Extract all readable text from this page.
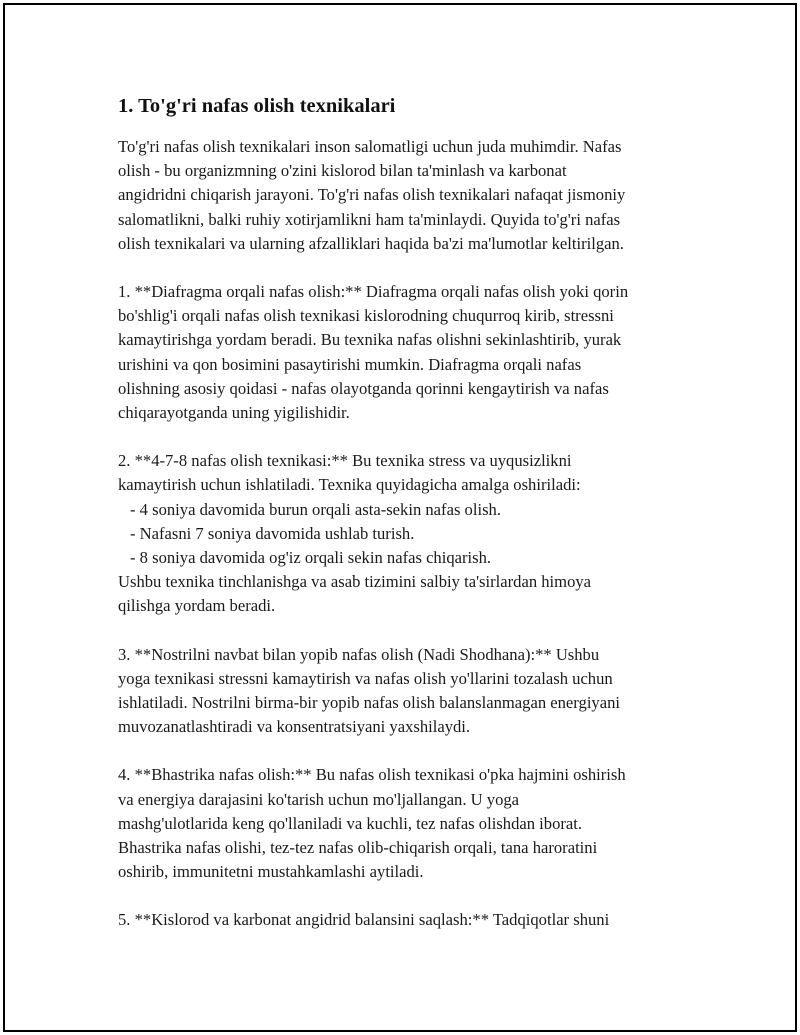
1. To'g'ri nafas olish texnikalari

To'g'ri nafas olish texnikalari inson salomatligi uchun juda muhimdir. Nafas
olish - bu organizmning o'zini kislorod bilan ta'minlash va karbonat
angidridni chiqarish jarayoni. To'g'ri nafas olish texnikalari nafaqat jismoniy
salomatlikni, balki ruhiy xotirjamlikni ham ta'minlaydi. Quyida to'g'ri nafas
olish texnikalari va ularning afzalliklari haqida ba'zi ma'lumotlar keltirilgan.

1. **Diafragma orqali nafas olish:** Diafragma orqali nafas olish yoki qorin
bo'shlig'i orqali nafas olish texnikasi kislorodning chuqurroq kirib, stressni
kamaytirishga yordam beradi. Bu texnika nafas olishni sekinlashtirib, yurak
urishini va qon bosimini pasaytirishi mumkin. Diafragma orqali nafas
olishning asosiy qoidasi - nafas olayotganda qorinni kengaytirish va nafas
chiqarayotganda uning yigilishidir.

2. **4-7-8 nafas olish texnikasi:** Bu texnika stress va uyqusizlikni
kamaytirish uchun ishlatiladi. Texnika quyidagicha amalga oshiriladi:
- 4 soniya davomida burun orqali asta-sekin nafas olish.
- Nafasni 7 soniya davomida ushlab turish.
- 8 soniya davomida og'iz orqali sekin nafas chiqarish.
Ushbu texnika tinchlanishga va asab tizimini salbiy ta'sirlardan himoya
qilishga yordam beradi.

3. **Nostrilni navbat bilan yopib nafas olish (Nadi Shodhana):** Ushbu
yoga texnikasi stressni kamaytirish va nafas olish yo'llarini tozalash uchun
ishlatiladi. Nostrilni birma-bir yopib nafas olish balanslanmagan energiyani
muvozanatlashtiradi va konsentratsiyani yaxshilaydi.

4. **Bhastrika nafas olish:** Bu nafas olish texnikasi o'pka hajmini oshirish
va energiya darajasini ko'tarish uchun mo'ljallangan. U yoga
mashg'ulotlarida keng qo'llaniladi va kuchli, tez nafas olishdan iborat.
Bhastrika nafas olishi, tez-tez nafas olib-chiqarish orqali, tana haroratini
oshirib, immunitetni mustahkamlashi aytiladi.

5. **Kislorod va karbonat angidrid balansini saqlash:** Tadqiqotlar shuni
